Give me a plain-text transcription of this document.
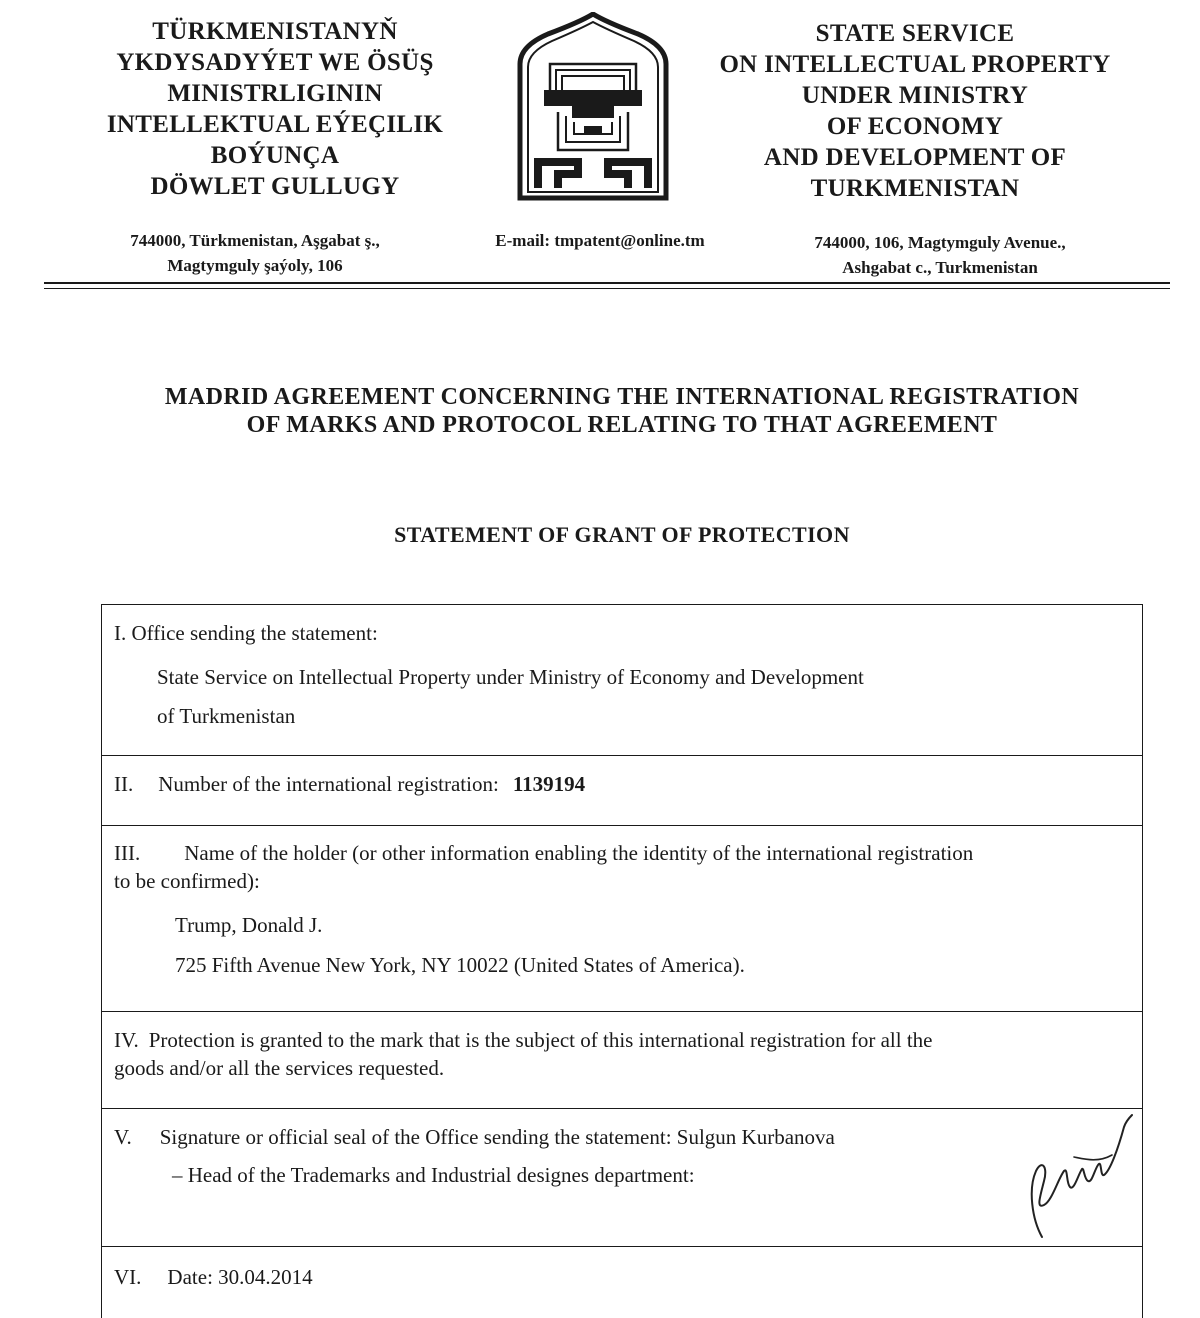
TÜRKMENISTANYŇ
YKDYSADYÝET WE ÖSÜŞ
MINISTRLIGININ
INTELLEKTUAL EÝEÇILIK
BOÝUNÇA
DÖWLET GULLUGY
STATE SERVICE
ON INTELLECTUAL PROPERTY
UNDER MINISTRY
OF ECONOMY
AND DEVELOPMENT OF
TURKMENISTAN
744000, Türkmenistan, Aşgabat ş.,
Magtymguly şaýoly, 106
E-mail: tmpatent@online.tm	744000, 106, Magtymguly Avenue.,
Ashgabat c., Turkmenistan
MADRID AGREEMENT CONCERNING THE INTERNATIONAL REGISTRATION
OF MARKS AND PROTOCOL RELATING TO THAT AGREEMENT
STATEMENT OF GRANT OF PROTECTION
I. Office sending the statement:
State Service on Intellectual Property under Ministry of Economy and Development
of Turkmenistan
II. Number of the international registration: 1139194
III. Name of the holder (or other information enabling the identity of the international registration
to be confirmed):
Trump, Donald J.
725 Fifth Avenue New York, NY 10022 (United States of America).
IV. Protection is granted to the mark that is the subject of this international registration for all the
goods and/or all the services requested.
V. Signature or official seal of the Office sending the statement: Sulgun Kurbanova
– Head of the Trademarks and Industrial designes department:
VI. Date: 30.04.2014
